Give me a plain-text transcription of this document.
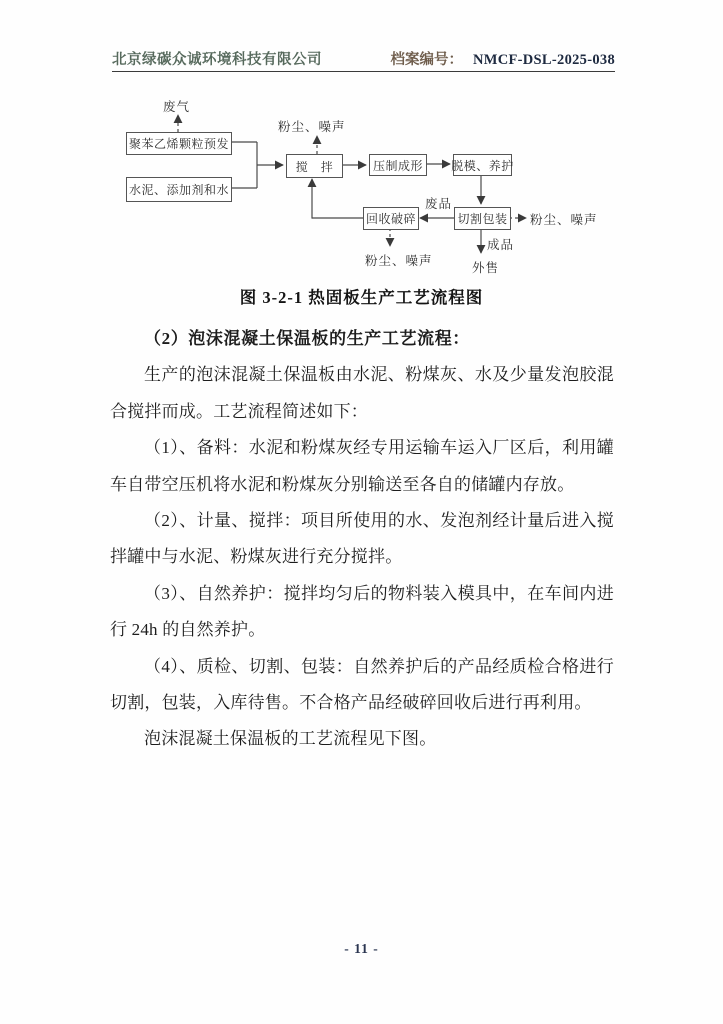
北京绿碳众诚环境科技有限公司	档案编号： NMCF-DSL-2025-038
聚苯乙烯颗粒预发
水泥、添加剂和水
搅　拌	压制成形	脱模、养护
切割包装
回收破碎
废气
粉尘、噪声
废品
粉尘、噪声
成品
外售
粉尘、噪声
图 3-2-1 热固板生产工艺流程图

（2）泡沫混凝土保温板的生产工艺流程：

生产的泡沫混凝土保温板由水泥、粉煤灰、水及少量发泡胶混合搅拌而成。工艺流程简述如下：

（1）、备料：水泥和粉煤灰经专用运输车运入厂区后，利用罐车自带空压机将水泥和粉煤灰分别输送至各自的储罐内存放。

（2）、计量、搅拌：项目所使用的水、发泡剂经计量后进入搅拌罐中与水泥、粉煤灰进行充分搅拌。

（3）、自然养护：搅拌均匀后的物料装入模具中，在车间内进行 24h 的自然养护。

（4）、质检、切割、包装：自然养护后的产品经质检合格进行切割，包装，入库待售。不合格产品经破碎回收后进行再利用。

泡沫混凝土保温板的工艺流程见下图。

- 11 -
